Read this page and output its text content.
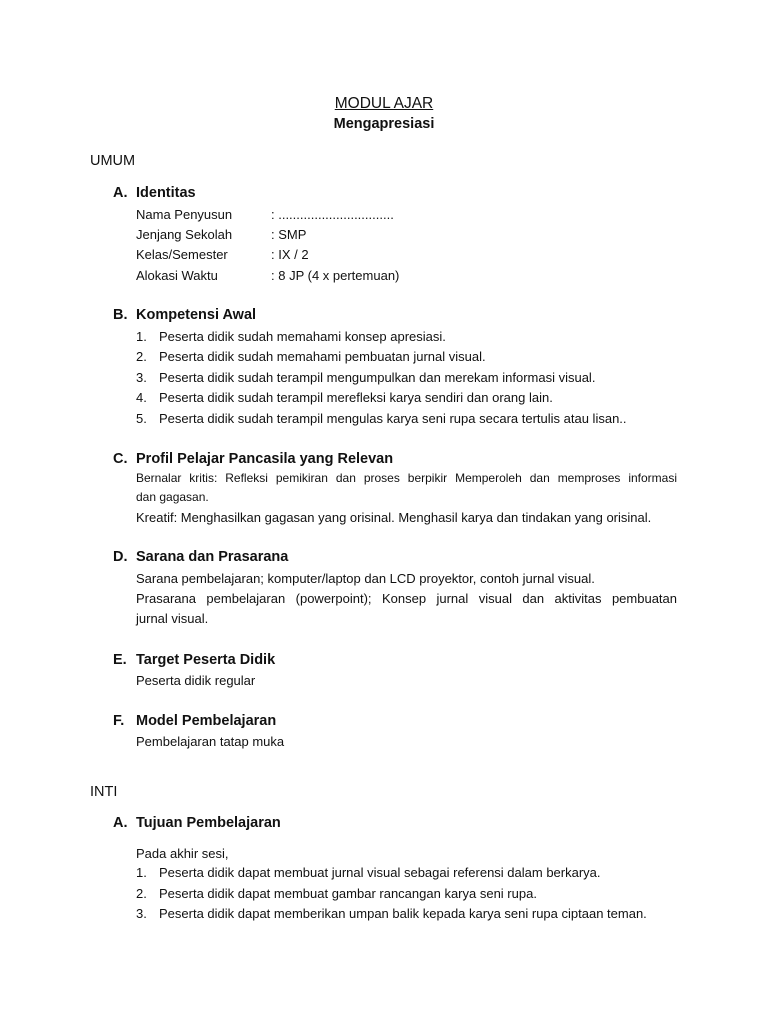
MODUL AJAR
Mengapresiasi
UMUM
A. Identitas
Nama Penyusun	: ................................
Jenjang Sekolah	: SMP
Kelas/Semester	: IX / 2
Alokasi Waktu	: 8 JP (4 x pertemuan)
B. Kompetensi Awal
1. Peserta didik sudah memahami konsep apresiasi.
2. Peserta didik sudah memahami pembuatan jurnal visual.
3. Peserta didik sudah terampil mengumpulkan dan merekam informasi visual.
4. Peserta didik sudah terampil merefleksi karya sendiri dan orang lain.
5. Peserta didik sudah terampil mengulas karya seni rupa secara tertulis atau lisan..
C. Profil Pelajar Pancasila yang Relevan
Bernalar kritis: Refleksi pemikiran dan proses berpikir Memperoleh dan memproses informasi
dan gagasan.
Kreatif: Menghasilkan gagasan yang orisinal. Menghasil karya dan tindakan yang orisinal.
D. Sarana dan Prasarana
Sarana pembelajaran; komputer/laptop dan LCD proyektor, contoh jurnal visual.
Prasarana pembelajaran (powerpoint); Konsep jurnal visual dan aktivitas pembuatan
jurnal visual.
E. Target Peserta Didik
Peserta didik regular
F. Model Pembelajaran
Pembelajaran tatap muka
INTI
A. Tujuan Pembelajaran
Pada akhir sesi,
1. Peserta didik dapat membuat jurnal visual sebagai referensi dalam berkarya.
2. Peserta didik dapat membuat gambar rancangan karya seni rupa.
3. Peserta didik dapat memberikan umpan balik kepada karya seni rupa ciptaan teman.
